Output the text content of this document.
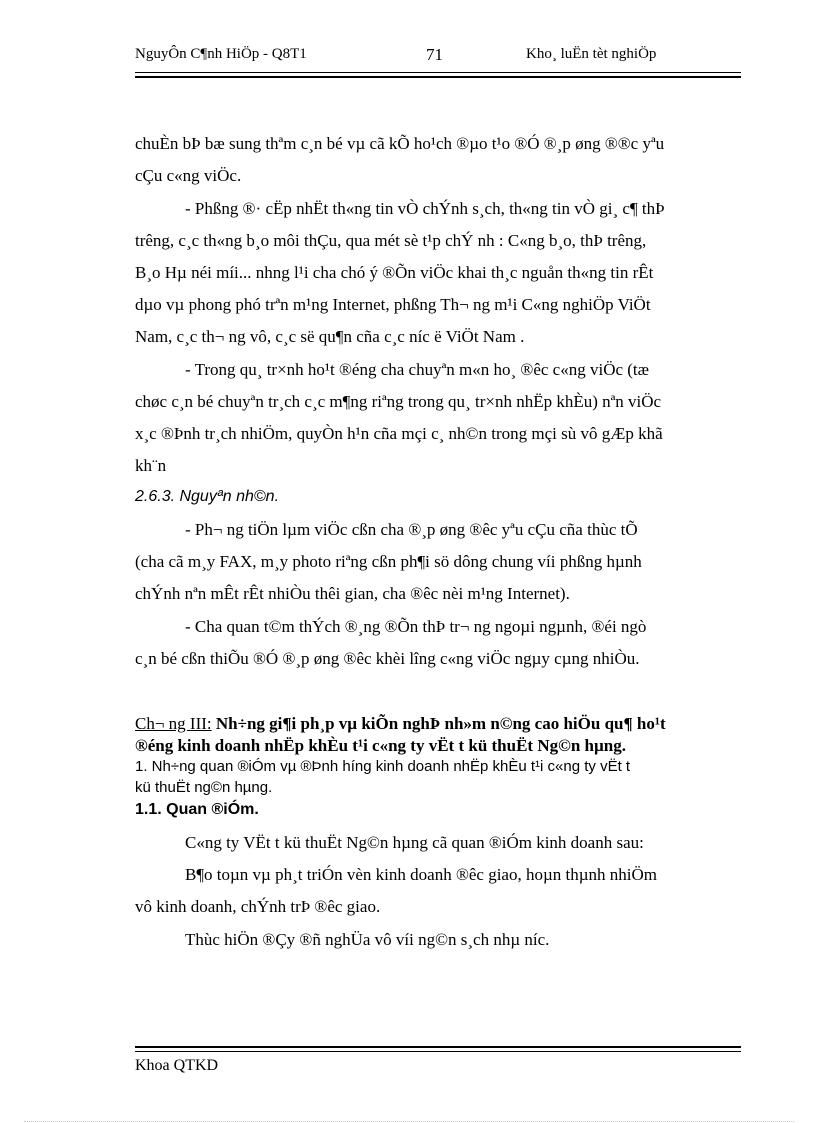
NguyÔn C¶nh HiÖp - Q8T1	71	Kho¸ luËn tèt nghiÖp
chuÈn bÞ bæ sung thªm c¸n bé vµ cã kÕ ho¹ch ®µo t¹o ®Ó ®¸p øng ®®c yªu
cÇu c«ng viÖc.
- Phßng ®· cËp nhËt th«ng tin vÒ chÝnh s¸ch, th«ng tin vÒ gi¸ c¶ thÞ
trêng, c¸c th«ng b¸o môi thÇu, qua mét sè t¹p chÝ nh : C«ng b¸o, thÞ trêng,
B¸o Hµ néi míi... nhng l¹i cha chó ý ®Õn viÖc khai th¸c nguån th«ng tin rÊt
dµo vµ phong phó trªn m¹ng Internet, phßng Th¬ ng m¹i C«ng nghiÖp ViÖt
Nam, c¸c th¬ ng vô, c¸c së qu¶n cña c¸c níc ë ViÖt Nam .
- Trong qu¸ tr×nh ho¹t ®éng cha chuyªn m«n ho¸ ®êc c«ng viÖc (tæ
chøc c¸n bé chuyªn tr¸ch c¸c m¶ng riªng trong qu¸ tr×nh nhËp khÈu) nªn viÖc
x¸c ®Þnh tr¸ch nhiÖm, quyÒn h¹n cña mçi c¸ nh©n trong mçi sù vô gÆp khã
kh¨n
2.6.3. Nguyªn nh©n.
- Ph¬ ng tiÖn lµm viÖc cßn cha ®¸p øng ®êc yªu cÇu cña thùc tÕ
(cha cã m¸y FAX, m¸y photo riªng cßn ph¶i sö dông chung víi phßng hµnh
chÝnh nªn mÊt rÊt nhiÒu thêi gian, cha ®êc nèi m¹ng Internet).
- Cha quan t©m thÝch ®¸ng ®Õn thÞ tr¬ ng ngoµi ngµnh, ®éi ngò
c¸n bé cßn thiÕu ®Ó ®¸p øng ®êc khèi lîng c«ng viÖc ngµy cµng nhiÒu.
Ch¬ ng III: Nh÷ng gi¶i ph¸p vµ kiÕn nghÞ nh»m n©ng cao hiÖu qu¶ ho¹t
®éng kinh doanh nhËp khÈu t¹i c«ng ty vËt t kü thuËt Ng©n hµng.
1. Nh÷ng quan ®iÓm vµ ®Þnh híng kinh doanh nhËp khÈu t¹i c«ng ty vËt t
kü thuËt ng©n hµng.
1.1. Quan ®iÓm.
C«ng ty VËt t kü thuËt Ng©n hµng cã quan ®iÓm kinh doanh sau:
B¶o toµn vµ ph¸t triÓn vèn kinh doanh ®êc giao, hoµn thµnh nhiÖm
vô kinh doanh, chÝnh trÞ ®êc giao.
Thùc hiÖn ®Çy ®ñ nghÜa vô víi ng©n s¸ch nhµ níc.
Khoa QTKD
